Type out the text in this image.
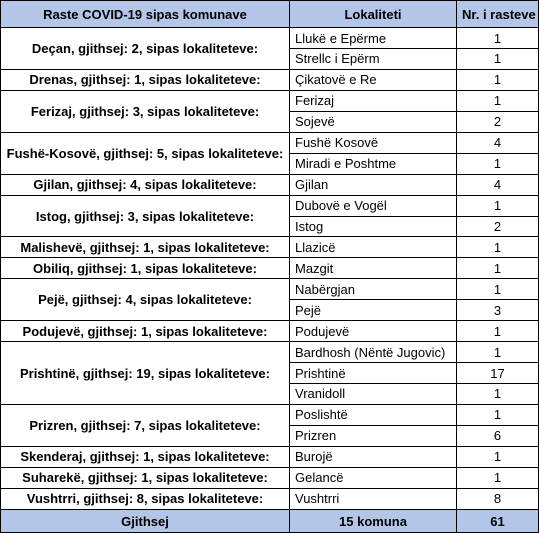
Raste COVID-19 sipas komunave	Lokaliteti	Nr. i rasteve
Deçan, gjithsej: 2, sipas lokaliteteve:	Llukë e Epërme	1
	Strellc i Epërm	1
Drenas, gjithsej: 1, sipas lokaliteteve:	Çikatovë e Re	1
Ferizaj, gjithsej: 3, sipas lokaliteteve:	Ferizaj	1
	Sojevë	2
Fushë-Kosovë, gjithsej: 5, sipas lokaliteteve:	Fushë Kosovë	4
	Miradi e Poshtme	1
Gjilan, gjithsej: 4, sipas lokaliteteve:	Gjilan	4
Istog, gjithsej: 3, sipas lokaliteteve:	Dubovë e Vogël	1
	Istog	2
Malishevë, gjithsej: 1, sipas lokaliteteve:	Llazicë	1
Obiliq, gjithsej: 1, sipas lokaliteteve:	Mazgit	1
Pejë, gjithsej: 4, sipas lokaliteteve:	Nabërgjan	1
	Pejë	3
Podujevë, gjithsej: 1, sipas lokaliteteve:	Podujevë	1
Prishtinë, gjithsej: 19, sipas lokaliteteve:	Bardhosh (Nëntë Jugovic)	1
	Prishtinë	17
	Vranidoll	1
Prizren, gjithsej: 7, sipas lokaliteteve:	Poslishtë	1
	Prizren	6
Skenderaj, gjithsej: 1, sipas lokaliteteve:	Burojë	1
Suharekë, gjithsej: 1, sipas lokaliteteve:	Gelancë	1
Vushtrri, gjithsej: 8, sipas lokaliteteve:	Vushtrri	8
Gjithsej	15 komuna	61
